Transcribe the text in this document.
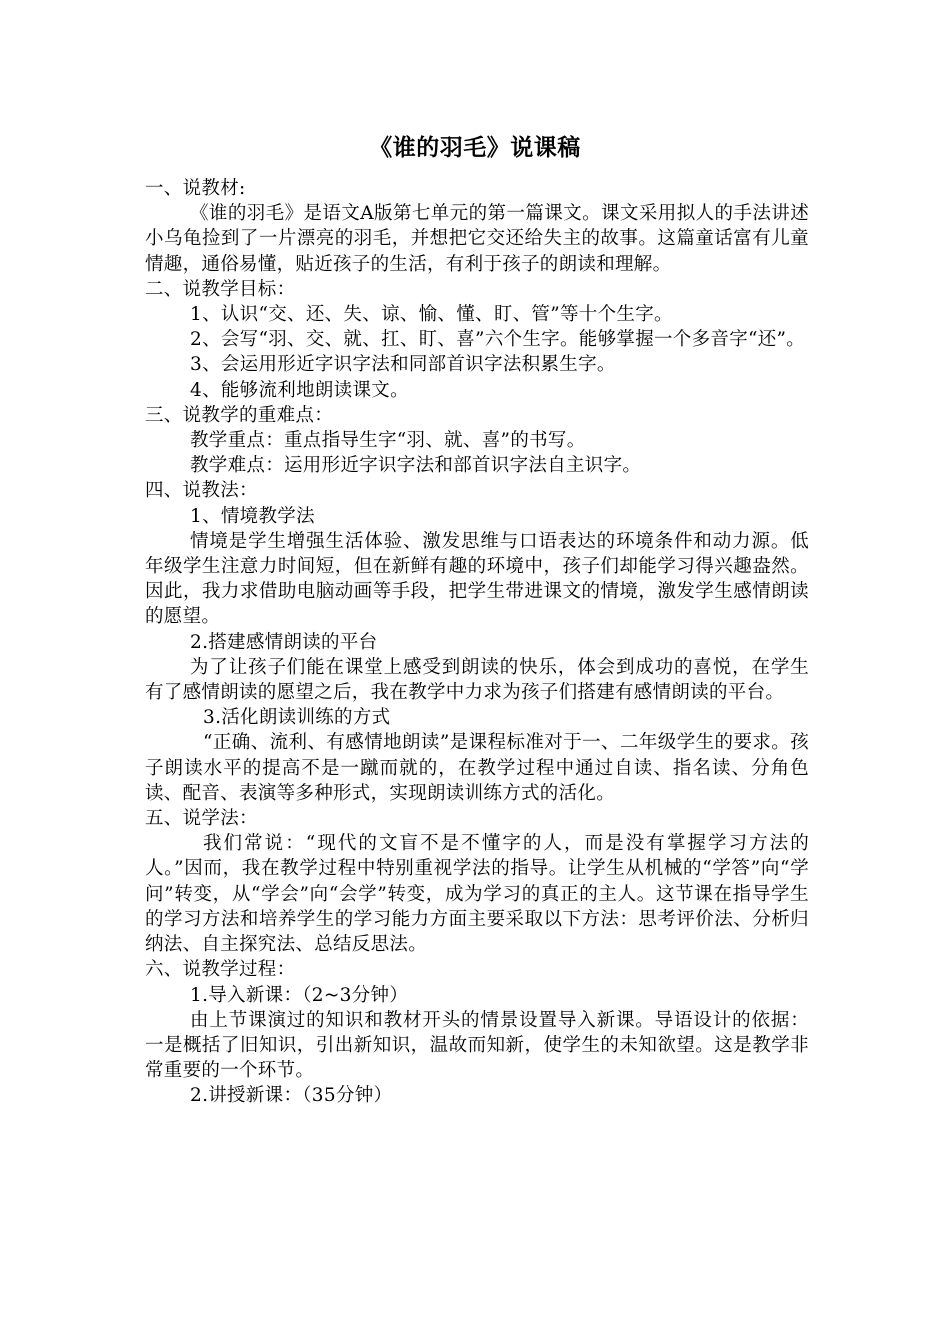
《谁的羽毛》说课稿

一、说教材:

《谁的羽毛》是语文A版第七单元的第一篇课文。课文采用拟人的手法讲述小乌龟捡到了一片漂亮的羽毛，并想把它交还给失主的故事。这篇童话富有儿童情趣，通俗易懂，贴近孩子的生活，有利于孩子的朗读和理解。

二、说教学目标：

1、认识“交、还、失、谅、愉、懂、盯、管”等十个生字。

2、会写“羽、交、就、扛、盯、喜”六个生字。能够掌握一个多音字“还”。

3、会运用形近字识字法和同部首识字法积累生字。

4、能够流利地朗读课文。

三、说教学的重难点：

教学重点：重点指导生字“羽、就、喜”的书写。

教学难点：运用形近字识字法和部首识字法自主识字。

四、说教法：

1、情境教学法

情境是学生增强生活体验、激发思维与口语表达的环境条件和动力源。低年级学生注意力时间短，但在新鲜有趣的环境中，孩子们却能学习得兴趣盎然。因此，我力求借助电脑动画等手段，把学生带进课文的情境，激发学生感情朗读的愿望。

2.搭建感情朗读的平台

为了让孩子们能在课堂上感受到朗读的快乐，体会到成功的喜悦，在学生有了感情朗读的愿望之后，我在教学中力求为孩子们搭建有感情朗读的平台。

3.活化朗读训练的方式

“正确、流利、有感情地朗读”是课程标准对于一、二年级学生的要求。孩子朗读水平的提高不是一蹴而就的，在教学过程中通过自读、指名读、分角色读、配音、表演等多种形式，实现朗读训练方式的活化。

五、说学法：

我们常说：“现代的文盲不是不懂字的人，而是没有掌握学习方法的人。”因而，我在教学过程中特别重视学法的指导。让学生从机械的“学答”向“学问”转变，从“学会”向“会学”转变，成为学习的真正的主人。这节课在指导学生的学习方法和培养学生的学习能力方面主要采取以下方法：思考评价法、分析归纳法、自主探究法、总结反思法。

六、说教学过程：

1.导入新课：（2~3分钟）

由上节课演过的知识和教材开头的情景设置导入新课。导语设计的依据：一是概括了旧知识，引出新知识，温故而知新，使学生的未知欲望。这是教学非常重要的一个环节。

2.讲授新课：（35分钟）
